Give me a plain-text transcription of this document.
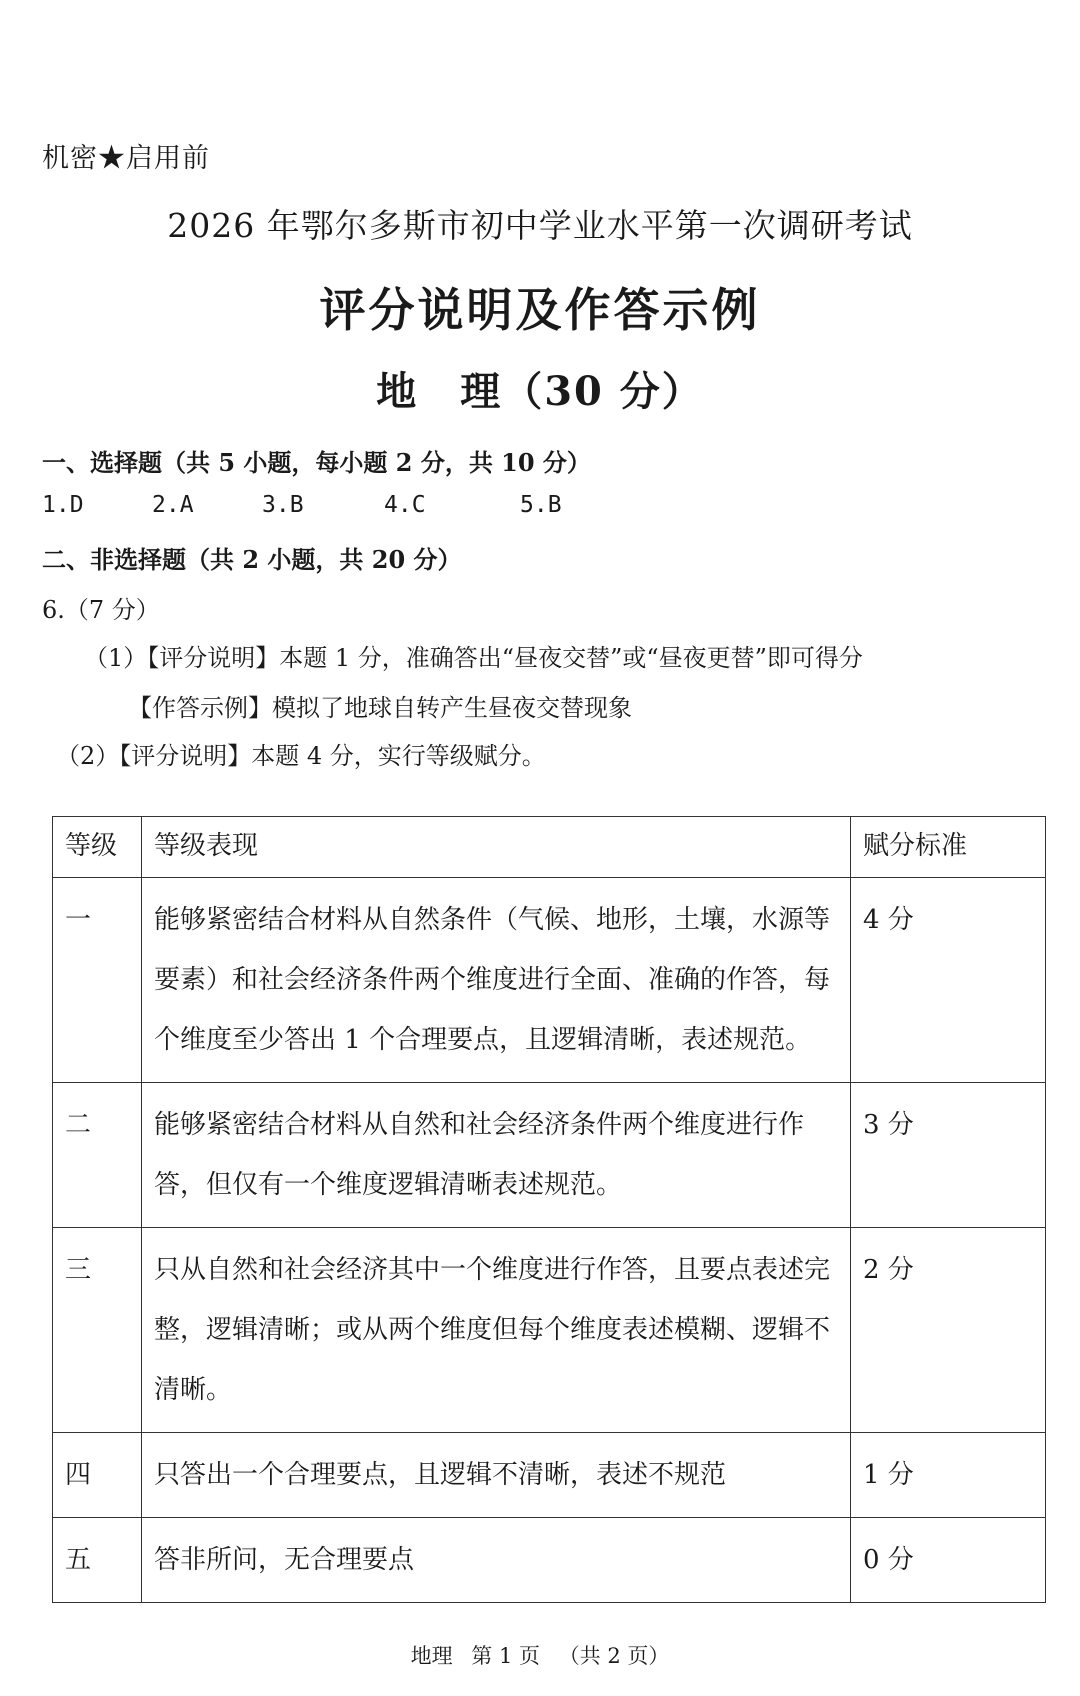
机密★启用前
2026 年鄂尔多斯市初中学业水平第一次调研考试
评分说明及作答示例
地　理（30 分）
一、选择题（共 5 小题，每小题 2 分，共 10 分）
1.D	2.A	3.B	4.C	5.B
二、非选择题（共 2 小题，共 20 分）
6.（7 分）
（1）【评分说明】本题 1 分，准确答出“昼夜交替”或“昼夜更替”即可得分
【作答示例】模拟了地球自转产生昼夜交替现象
（2）【评分说明】本题 4 分，实行等级赋分。
等级	等级表现	赋分标准
一	能够紧密结合材料从自然条件（气候、地形，土壤，水源等要素）和社会经济条件两个维度进行全面、准确的作答，每个维度至少答出 1 个合理要点，且逻辑清晰，表述规范。	4 分
二	能够紧密结合材料从自然和社会经济条件两个维度进行作答，但仅有一个维度逻辑清晰表述规范。	3 分
三	只从自然和社会经济其中一个维度进行作答，且要点表述完整，逻辑清晰；或从两个维度但每个维度表述模糊、逻辑不清晰。	2 分
四	只答出一个合理要点，且逻辑不清晰，表述不规范	1 分
五	答非所问，无合理要点	0 分
地理 第 1 页 （共 2 页）
